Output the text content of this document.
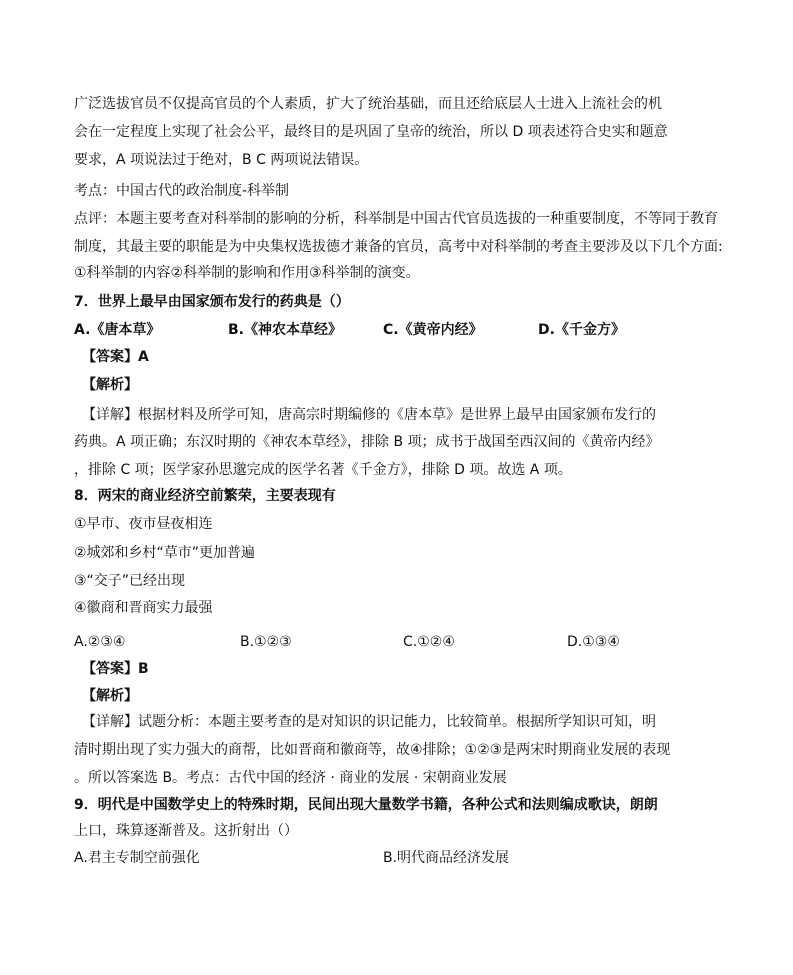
广泛选拔官员不仅提高官员的个人素质，扩大了统治基础，而且还给底层人士进入上流社会的机
会在一定程度上实现了社会公平，最终目的是巩固了皇帝的统治，所以 D 项表述符合史实和题意
要求，A 项说法过于绝对，B C 两项说法错误。
考点：中国古代的政治制度-科举制
点评：本题主要考查对科举制的影响的分析，科举制是中国古代官员选拔的一种重要制度，不等同于教育
制度，其最主要的职能是为中央集权选拔德才兼备的官员，高考中对科举制的考查主要涉及以下几个方面:
①科举制的内容②科举制的影响和作用③科举制的演变。
7．世界上最早由国家颁布发行的药典是（）
A.《唐本草》	B.《神农本草经》	C.《黄帝内经》	D.《千金方》
【答案】A
【解析】
【详解】根据材料及所学可知，唐高宗时期编修的《唐本草》是世界上最早由国家颁布发行的
药典。A 项正确；东汉时期的《神农本草经》，排除 B 项；成书于战国至西汉间的《黄帝内经》
，排除 C 项；医学家孙思邈完成的医学名著《千金方》，排除 D 项。故选 A 项。
8．两宋的商业经济空前繁荣，主要表现有
①早市、夜市昼夜相连
②城郊和乡村“草市”更加普遍
③“交子”已经出现
④徽商和晋商实力最强
A.②③④	B.①②③	C.①②④	D.①③④
【答案】B
【解析】
【详解】试题分析：本题主要考查的是对知识的识记能力，比较简单。根据所学知识可知，明
清时期出现了实力强大的商帮，比如晋商和徽商等，故④排除；①②③是两宋时期商业发展的表现
。所以答案选 B。考点：古代中国的经济 · 商业的发展 · 宋朝商业发展
9．明代是中国数学史上的特殊时期，民间出现大量数学书籍，各种公式和法则编成歌诀，朗朗
上口，珠算逐渐普及。这折射出（）
A.君主专制空前强化	B.明代商品经济发展
